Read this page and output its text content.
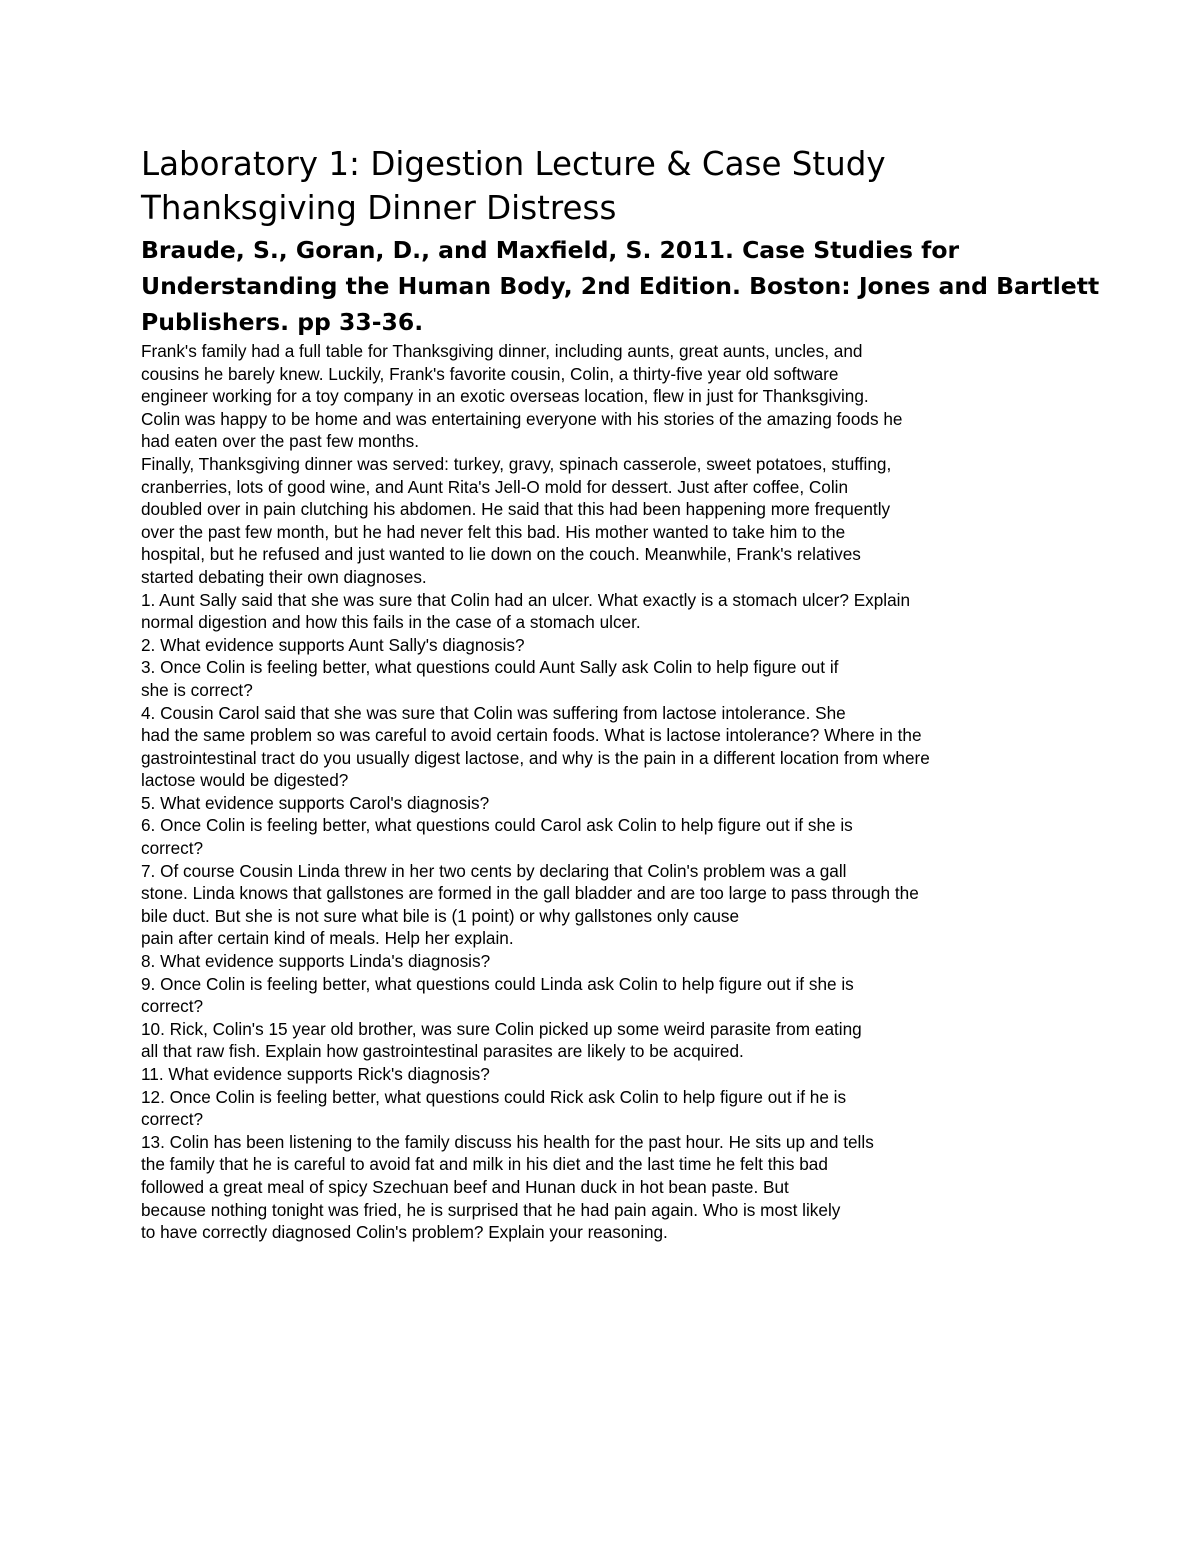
Laboratory 1: Digestion Lecture & Case Study
Thanksgiving Dinner Distress
Braude, S., Goran, D., and Maxfield, S. 2011. Case Studies for
Understanding the Human Body, 2nd Edition. Boston: Jones and Bartlett
Publishers. pp 33-36.
Frank's family had a full table for Thanksgiving dinner, including aunts, great aunts, uncles, and
cousins he barely knew. Luckily, Frank's favorite cousin, Colin, a thirty-five year old software
engineer working for a toy company in an exotic overseas location, flew in just for Thanksgiving.
Colin was happy to be home and was entertaining everyone with his stories of the amazing foods he
had eaten over the past few months.
Finally, Thanksgiving dinner was served: turkey, gravy, spinach casserole, sweet potatoes, stuffing,
cranberries, lots of good wine, and Aunt Rita's Jell-O mold for dessert. Just after coffee, Colin
doubled over in pain clutching his abdomen. He said that this had been happening more frequently
over the past few month, but he had never felt this bad. His mother wanted to take him to the
hospital, but he refused and just wanted to lie down on the couch. Meanwhile, Frank's relatives
started debating their own diagnoses.
1. Aunt Sally said that she was sure that Colin had an ulcer. What exactly is a stomach ulcer? Explain
normal digestion and how this fails in the case of a stomach ulcer.
2. What evidence supports Aunt Sally's diagnosis?
3. Once Colin is feeling better, what questions could Aunt Sally ask Colin to help figure out if
she is correct?
4. Cousin Carol said that she was sure that Colin was suffering from lactose intolerance. She
had the same problem so was careful to avoid certain foods. What is lactose intolerance? Where in the
gastrointestinal tract do you usually digest lactose, and why is the pain in a different location from where
lactose would be digested?
5. What evidence supports Carol's diagnosis?
6. Once Colin is feeling better, what questions could Carol ask Colin to help figure out if she is
correct?
7. Of course Cousin Linda threw in her two cents by declaring that Colin's problem was a gall
stone. Linda knows that gallstones are formed in the gall bladder and are too large to pass through the
bile duct. But she is not sure what bile is (1 point) or why gallstones only cause
pain after certain kind of meals. Help her explain.
8. What evidence supports Linda's diagnosis?
9. Once Colin is feeling better, what questions could Linda ask Colin to help figure out if she is
correct?
10. Rick, Colin's 15 year old brother, was sure Colin picked up some weird parasite from eating
all that raw fish. Explain how gastrointestinal parasites are likely to be acquired.
11. What evidence supports Rick's diagnosis?
12. Once Colin is feeling better, what questions could Rick ask Colin to help figure out if he is
correct?
13. Colin has been listening to the family discuss his health for the past hour. He sits up and tells
the family that he is careful to avoid fat and milk in his diet and the last time he felt this bad
followed a great meal of spicy Szechuan beef and Hunan duck in hot bean paste. But
because nothing tonight was fried, he is surprised that he had pain again. Who is most likely
to have correctly diagnosed Colin's problem? Explain your reasoning.
